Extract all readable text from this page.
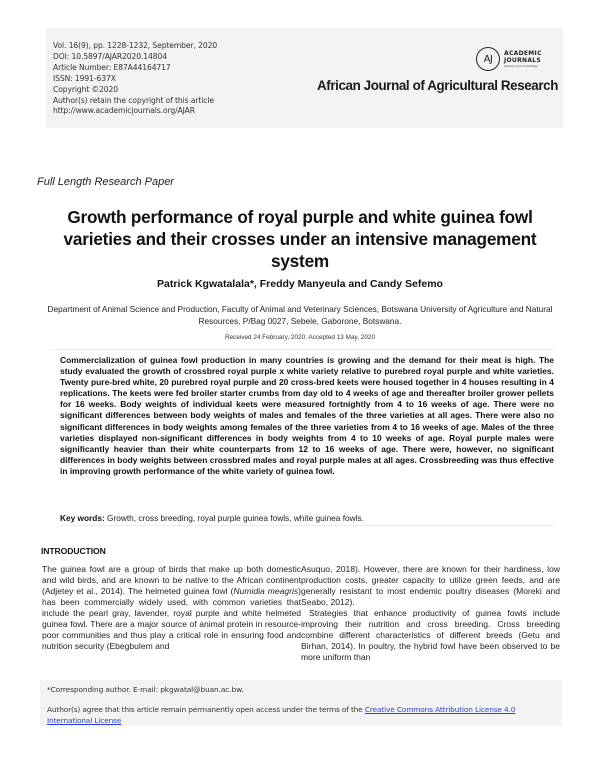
Vol. 16(9), pp. 1228-1232, September, 2020
DOI: 10.5897/AJAR2020.14804
Article Number: E87A44164717
ISSN: 1991-637X
Copyright ©2020
Author(s) retain the copyright of this article
http://www.academicjournals.org/AJAR
AJ ACADEMIC
JOURNALS
expand your knowledge
African Journal of Agricultural Research
Full Length Research Paper
Growth performance of royal purple and white guinea fowl varieties and their crosses under an intensive management system
Patrick Kgwatalala*, Freddy Manyeula and Candy Sefemo
Department of Animal Science and Production, Faculty of Animal and Veterinary Sciences, Botswana University of Agriculture and Natural Resources, P/Bag 0027, Sebele, Gaborone, Botswana.
Received 24 February, 2020; Accepted 13 May, 2020
Commercialization of guinea fowl production in many countries is growing and the demand for their meat is high. The study evaluated the growth of crossbred royal purple x white variety relative to purebred royal purple and white varieties. Twenty pure-bred white, 20 purebred royal purple and 20 cross-bred keets were housed together in 4 houses resulting in 4 replications. The keets were fed broiler starter crumbs from day old to 4 weeks of age and thereafter broiler grower pellets for 16 weeks. Body weights of individual keets were measured fortnightly from 4 to 16 weeks of age. There were no significant differences between body weights of males and females of the three varieties at all ages. There were also no significant differences in body weights among females of the three varieties from 4 to 16 weeks of age. Males of the three varieties displayed non-significant differences in body weights from 4 to 10 weeks of age. Royal purple males were significantly heavier than their white counterparts from 12 to 16 weeks of age. There were, however, no significant differences in body weights between crossbred males and royal purple males at all ages. Crossbreeding was thus effective in improving growth performance of the white variety of guinea fowl.
Key words: Growth, cross breeding, royal purple guinea fowls, white guinea fowls.
INTRODUCTION
The guinea fowl are a group of birds that make up both domestic and wild birds, and are known to be native to the African continent (Adjetey et al., 2014). The helmeted guinea fowl (Numidia meagris) has been commercially widely used, with common varieties that include the pearl gray, lavender, royal purple and white helmeted guinea fowl. There are a major source of animal protein in resource-poor communities and thus play a critical role in ensuring food and nutrition security (Ebegbulem and
Asuquo, 2018). However, there are known for their hardiness, low production costs, greater capacity to utilize green feeds, and are generally resistant to most endemic poultry diseases (Moreki and Seabo, 2012).
Strategies that enhance productivity of guinea fowls include improving their nutrition and cross breeding. Cross breeding combine different characteristics of different breeds (Getu and Birhan, 2014). In poultry, the hybrid fowl have been observed to be more uniform than
*Corresponding author. E-mail: pkgwatal@buan.ac.bw.
Author(s) agree that this article remain permanently open access under the terms of the Creative Commons Attribution License 4.0 International License
